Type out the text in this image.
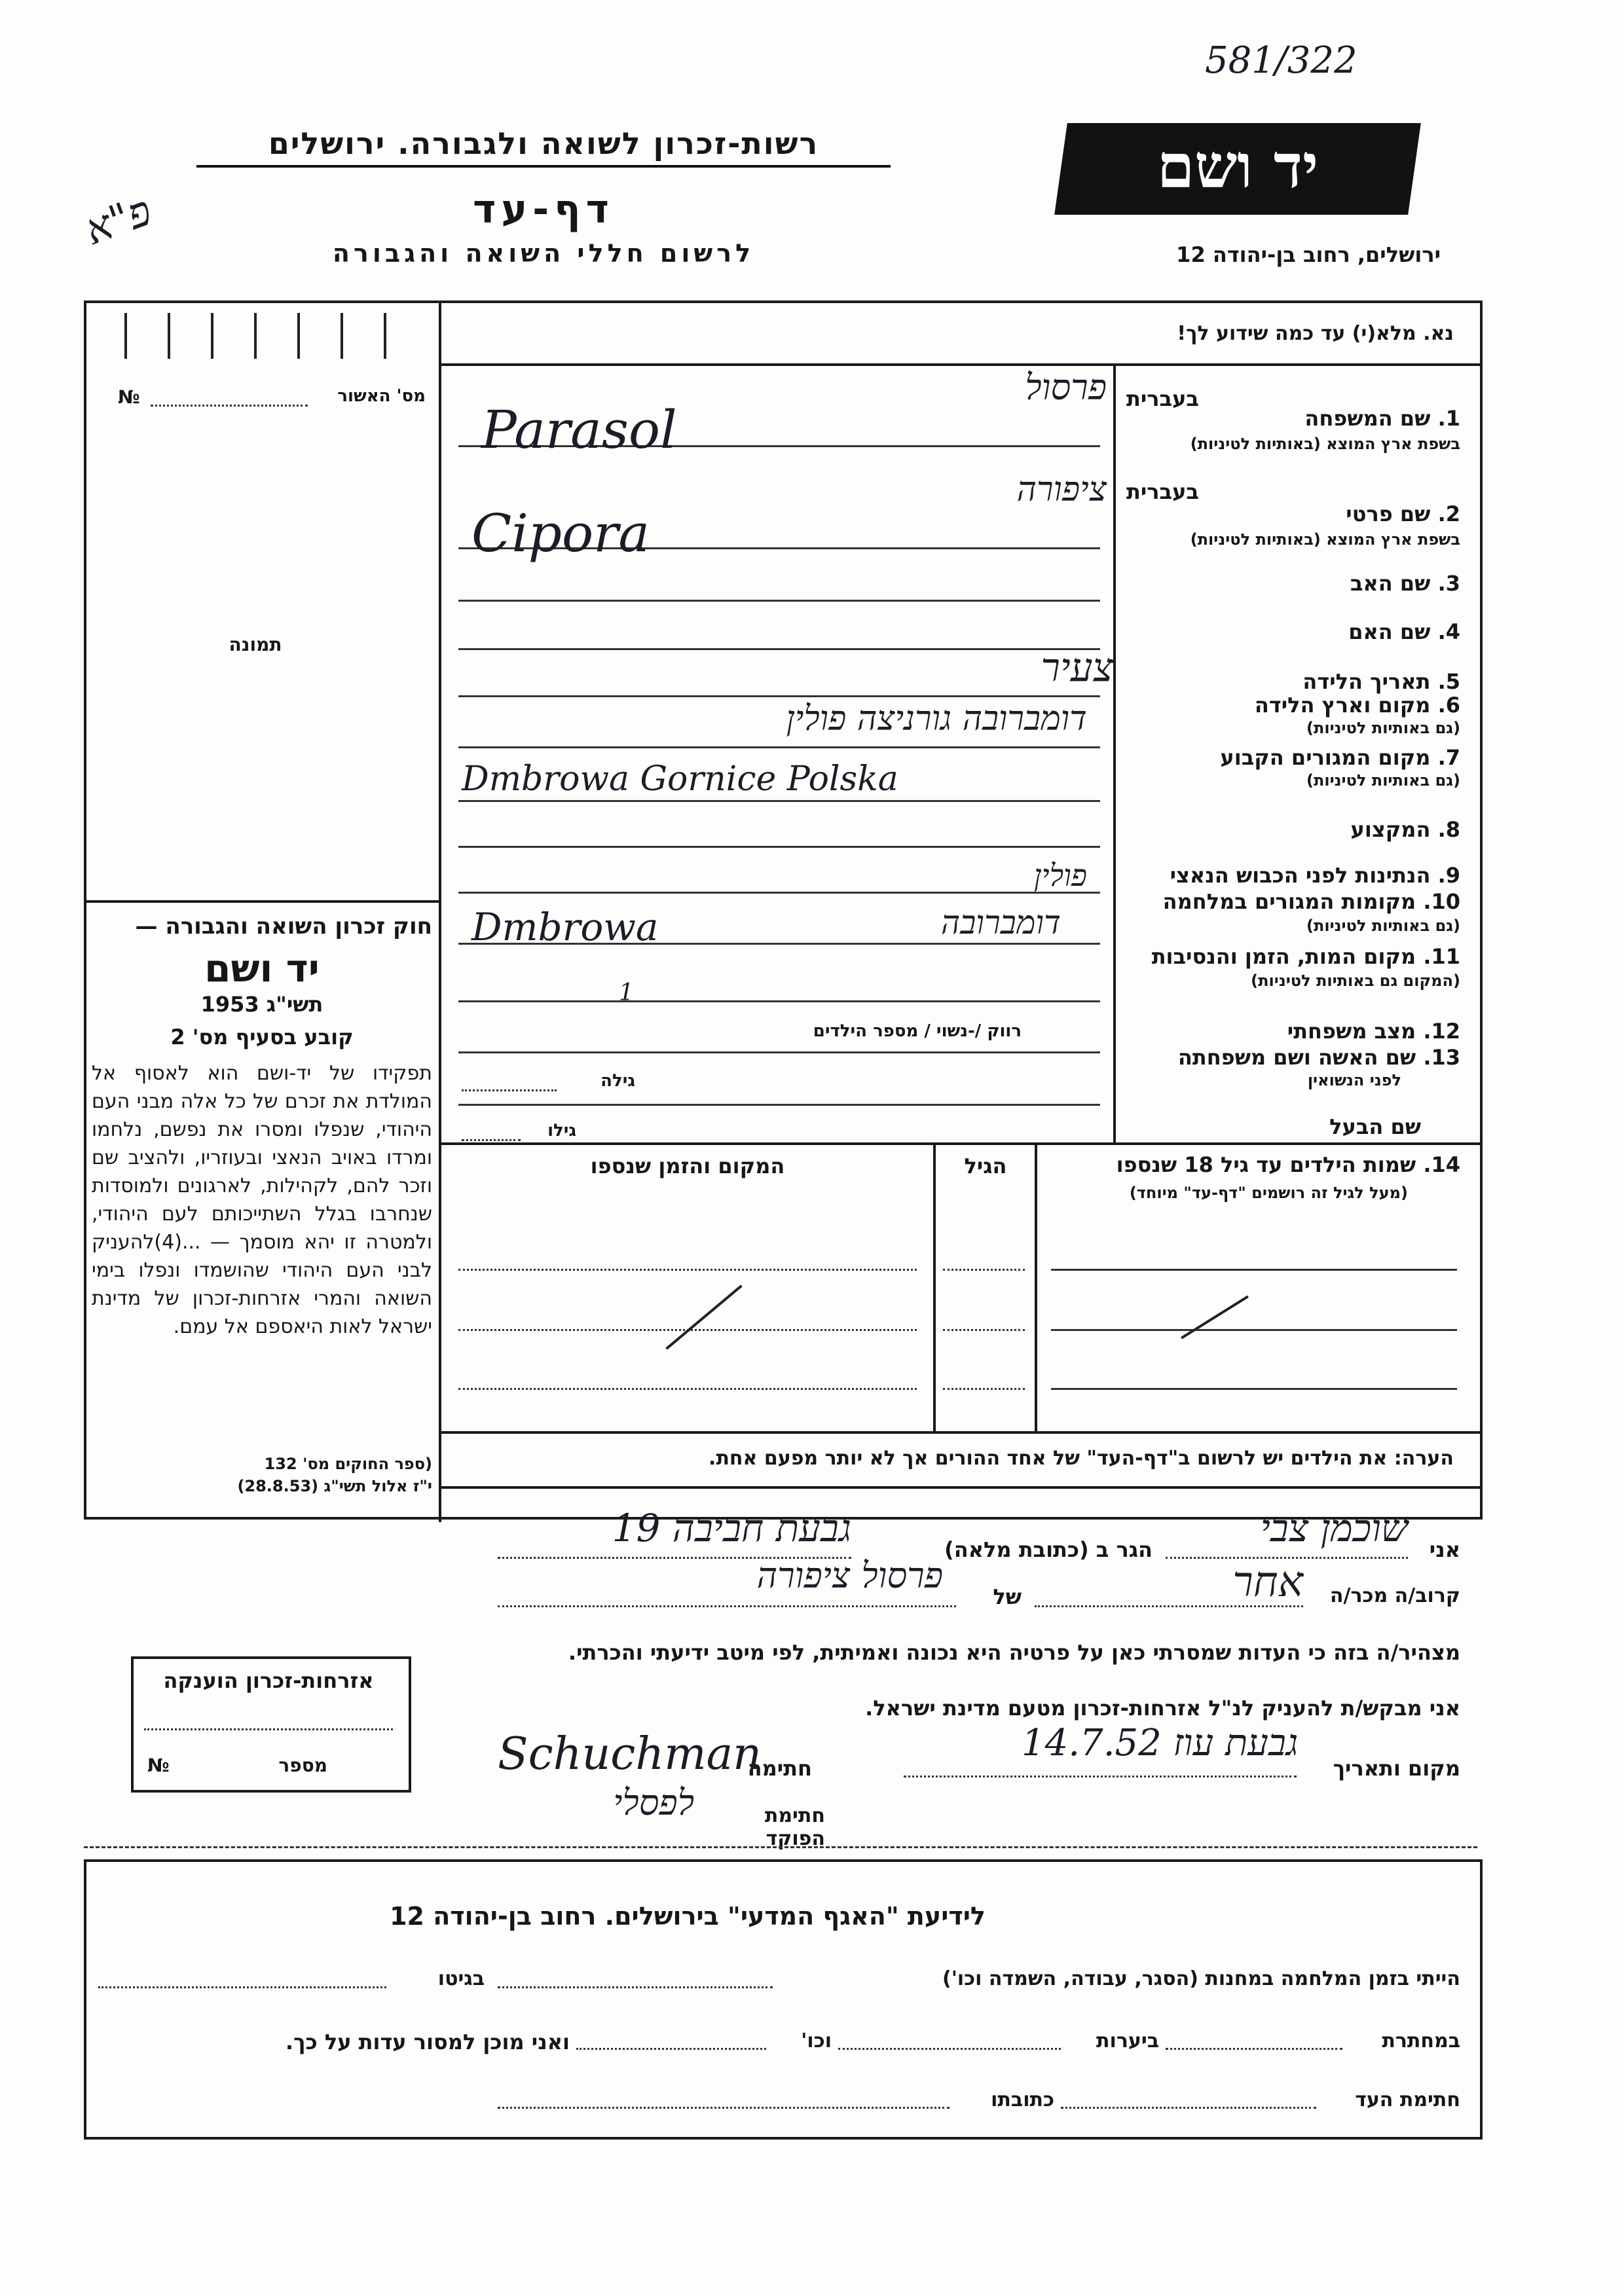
581/322
פ"א
רשות-זכרון לשואה ולגבורה. ירושלים
דף-עד
לרשום חללי השואה והגבורה
יד ושם
ירושלים, רחוב בן-יהודה 12
מס' האשור
№
תמונה
חוק זכרון השואה והגבורה —
יד ושם
תשי"ג 1953
קובע בסעיף מס' 2
תפקידו של יד-ושם הוא לאסוף אל המולדת את זכרם של כל אלה מבני העם היהודי, שנפלו ומסרו את נפשם, נלחמו ומרדו באויב הנאצי ובעוזריו, ולהציב שם וזכר להם, לקהילות, לארגונים ולמוסדות שנחרבו בגלל השתייכותם לעם היהודי, ולמטרה זו יהא מוסמך — ...(4)להעניק לבני העם היהודי שהושמדו ונפלו בימי השואה והמרי אזרחות-זכרון של מדינת ישראל לאות היאספם אל עמם.
(ספר החוקים מס' 132
י"ז אלול תשי"ג (28.8.53)
נא. מלא(י) עד כמה שידוע לך!
בעברית
1. שם המשפחה
בשפת ארץ המוצא (באותיות לטיניות)
בעברית
2. שם פרטי
בשפת ארץ המוצא (באותיות לטיניות)
3. שם האב
4. שם האם
5. תאריך הלידה
6. מקום וארץ הלידה
(גם באותיות לטיניות)
7. מקום המגורים הקבוע
(גם באותיות לטיניות)
8. המקצוע
9. הנתינות לפני הכבוש הנאצי
10. מקומות המגורים במלחמה
(גם באותיות לטיניות)
11. מקום המות, הזמן והנסיבות
(המקום גם באותיות לטיניות)
12. מצב משפחתי
13. שם האשה ושם משפחתה
לפני הנשואין
שם הבעל
רווק /-נשוי / מספר הילדים
גילה
גילו
פרסול
Parasol
ציפורה
Cipora
צעיר
דומברובה גורניצה פולין
Dmbrowa Gornice Polska
פולין
דומברובה
Dmbrowa
1
14. שמות הילדים עד גיל 18 שנספו
(מעל לגיל זה רושמים "דף-עד" מיוחד)
הגיל
המקום והזמן שנספו
הערה: את הילדים יש לרשום ב"דף-העד" של אחד ההורים אך לא יותר מפעם אחת.
אני
שוכמן צבי
הגר ב (כתובת מלאה)
גבעת חביבה 19
קרוב/ה מכר/ה
אחר
של
פרסול ציפורה
מצהיר/ה בזה כי העדות שמסרתי כאן על פרטיה היא נכונה ואמיתית, לפי מיטב ידיעתי והכרתי.
אני מבקש/ת להעניק לנ"ל אזרחות-זכרון מטעם מדינת ישראל.
מקום ותאריך
גבעת עוז 14.7.52
חתימה
Schuchman
חתימת הפוקד
לפסלי
אזרחות-זכרון הוענקה
מספר
№
לידיעת "האגף המדעי" בירושלים. רחוב בן-יהודה 12
הייתי בזמן המלחמה במחנות (הסגר, עבודה, השמדה וכו')
בגיטו
במחתרת
ביערות
וכו'
ואני מוכן למסור עדות על כך.
חתימת העד
כתובתו
